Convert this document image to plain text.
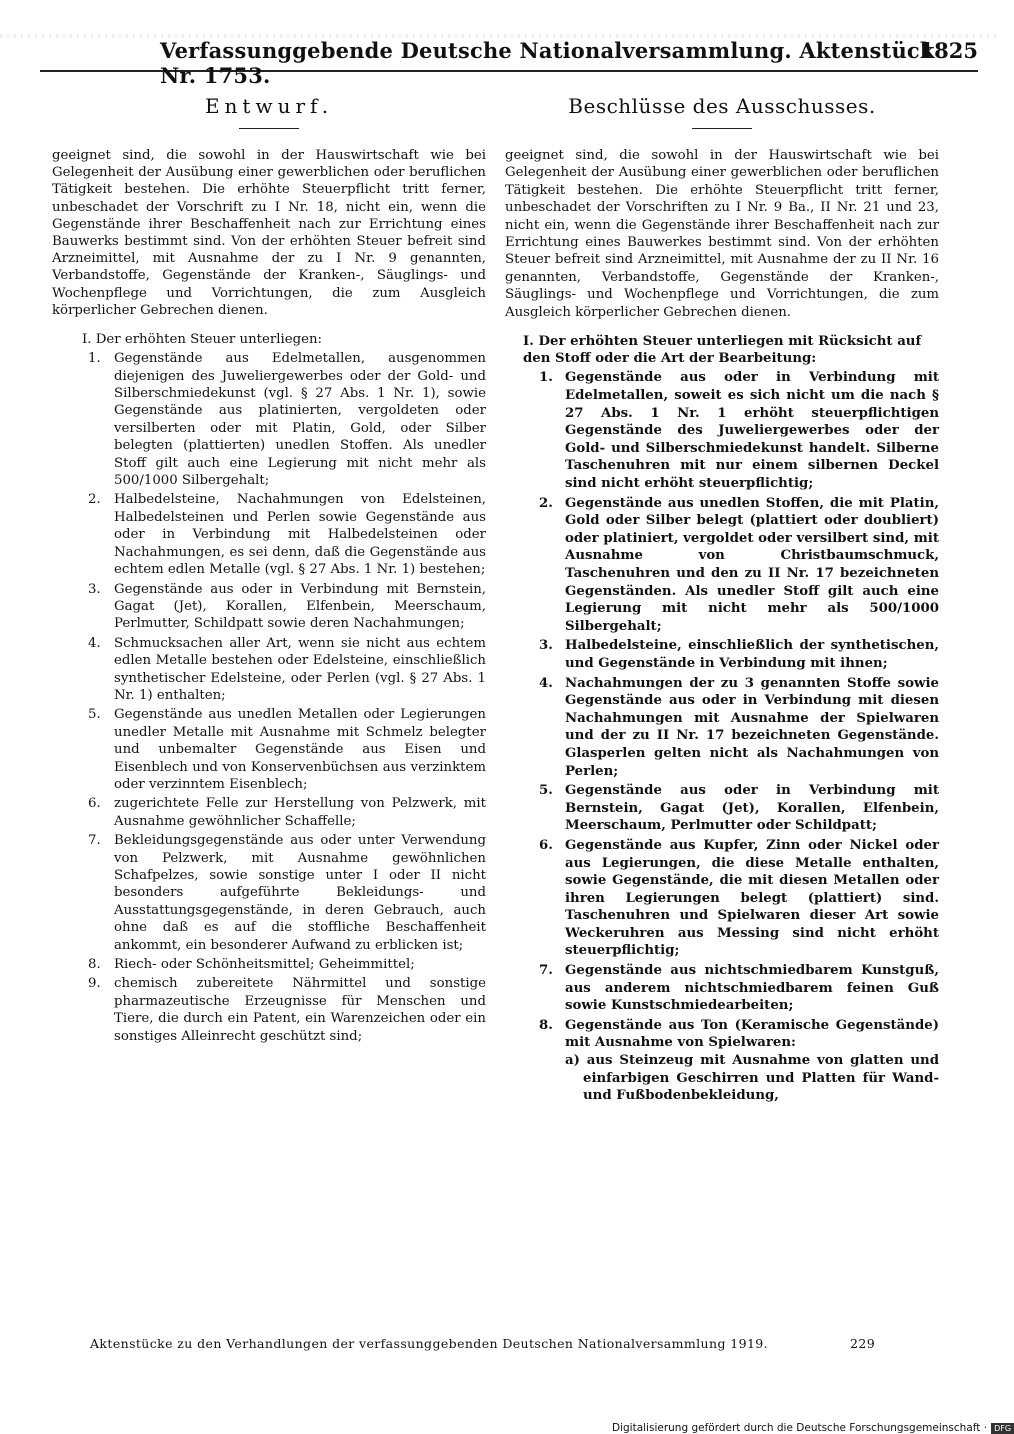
Verfassunggebende Deutsche Nationalversammlung. Aktenstück Nr. 1753.
1825
Entwurf.

geeignet sind, die sowohl in der Hauswirtschaft wie bei Gelegenheit der Ausübung einer gewerblichen oder beruflichen Tätigkeit bestehen. Die erhöhte Steuerpflicht tritt ferner, unbeschadet der Vorschrift zu I Nr. 18, nicht ein, wenn die Gegenstände ihrer Beschaffenheit nach zur Errichtung eines Bauwerks bestimmt sind. Von der erhöhten Steuer befreit sind Arzneimittel, mit Ausnahme der zu I Nr. 9 genannten, Verbandstoffe, Gegenstände der Kranken-, Säuglings- und Wochenpflege und Vorrichtungen, die zum Ausgleich körperlicher Gebrechen dienen.

I. Der erhöhten Steuer unterliegen:
1. Gegenstände aus Edelmetallen, ausgenommen diejenigen des Juweliergewerbes oder der Gold- und Silberschmiedekunst (vgl. § 27 Abs. 1 Nr. 1), sowie Gegenstände aus platinierten, vergoldeten oder versilberten oder mit Platin, Gold, oder Silber belegten (plattierten) unedlen Stoffen. Als unedler Stoff gilt auch eine Legierung mit nicht mehr als 500/1000 Silbergehalt;
2. Halbedelsteine, Nachahmungen von Edelsteinen, Halbedelsteinen und Perlen sowie Gegenstände aus oder in Verbindung mit Halbedelsteinen oder Nachahmungen, es sei denn, daß die Gegenstände aus echtem edlen Metalle (vgl. § 27 Abs. 1 Nr. 1) bestehen;
3. Gegenstände aus oder in Verbindung mit Bernstein, Gagat (Jet), Korallen, Elfenbein, Meerschaum, Perlmutter, Schildpatt sowie deren Nachahmungen;
4. Schmucksachen aller Art, wenn sie nicht aus echtem edlen Metalle bestehen oder Edelsteine, einschließlich synthetischer Edelsteine, oder Perlen (vgl. § 27 Abs. 1 Nr. 1) enthalten;
5. Gegenstände aus unedlen Metallen oder Legierungen unedler Metalle mit Ausnahme mit Schmelz belegter und unbemalter Gegenstände aus Eisen und Eisenblech und von Konservenbüchsen aus verzinktem oder verzinntem Eisenblech;
6. zugerichtete Felle zur Herstellung von Pelzwerk, mit Ausnahme gewöhnlicher Schaffelle;
7. Bekleidungsgegenstände aus oder unter Verwendung von Pelzwerk, mit Ausnahme gewöhnlichen Schafpelzes, sowie sonstige unter I oder II nicht besonders aufgeführte Bekleidungs- und Ausstattungsgegenstände, in deren Gebrauch, auch ohne daß es auf die stoffliche Beschaffenheit ankommt, ein besonderer Aufwand zu erblicken ist;
8. Riech- oder Schönheitsmittel; Geheimmittel;
9. chemisch zubereitete Nährmittel und sonstige pharmazeutische Erzeugnisse für Menschen und Tiere, die durch ein Patent, ein Warenzeichen oder ein sonstiges Alleinrecht geschützt sind;
Beschlüsse des Ausschusses.

geeignet sind, die sowohl in der Hauswirtschaft wie bei Gelegenheit der Ausübung einer gewerblichen oder beruflichen Tätigkeit bestehen. Die erhöhte Steuerpflicht tritt ferner, unbeschadet der Vorschriften zu I Nr. 9 Ba., II Nr. 21 und 23, nicht ein, wenn die Gegenstände ihrer Beschaffenheit nach zur Errichtung eines Bauwerkes bestimmt sind. Von der erhöhten Steuer befreit sind Arzneimittel, mit Ausnahme der zu II Nr. 16 genannten, Verbandstoffe, Gegenstände der Kranken-, Säuglings- und Wochenpflege und Vorrichtungen, die zum Ausgleich körperlicher Gebrechen dienen.

I. Der erhöhten Steuer unterliegen mit Rücksicht auf den Stoff oder die Art der Bearbeitung:
1. Gegenstände aus oder in Verbindung mit Edelmetallen, soweit es sich nicht um die nach § 27 Abs. 1 Nr. 1 erhöht steuerpflichtigen Gegenstände des Juweliergewerbes oder der Gold- und Silberschmiedekunst handelt. Silberne Taschenuhren mit nur einem silbernen Deckel sind nicht erhöht steuerpflichtig;
2. Gegenstände aus unedlen Stoffen, die mit Platin, Gold oder Silber belegt (plattiert oder doubliert) oder platiniert, vergoldet oder versilbert sind, mit Ausnahme von Christbaumschmuck, Taschenuhren und den zu II Nr. 17 bezeichneten Gegenständen. Als unedler Stoff gilt auch eine Legierung mit nicht mehr als 500/1000 Silbergehalt;
3. Halbedelsteine, einschließlich der synthetischen, und Gegenstände in Verbindung mit ihnen;
4. Nachahmungen der zu 3 genannten Stoffe sowie Gegenstände aus oder in Verbindung mit diesen Nachahmungen mit Ausnahme der Spielwaren und der zu II Nr. 17 bezeichneten Gegenstände. Glasperlen gelten nicht als Nachahmungen von Perlen;
5. Gegenstände aus oder in Verbindung mit Bernstein, Gagat (Jet), Korallen, Elfenbein, Meerschaum, Perlmutter oder Schildpatt;
6. Gegenstände aus Kupfer, Zinn oder Nickel oder aus Legierungen, die diese Metalle enthalten, sowie Gegenstände, die mit diesen Metallen oder ihren Legierungen belegt (plattiert) sind. Taschenuhren und Spielwaren dieser Art sowie Weckeruhren aus Messing sind nicht erhöht steuerpflichtig;
7. Gegenstände aus nichtschmiedbarem Kunstguß, aus anderem nichtschmiedbarem feinen Guß sowie Kunstschmiedearbeiten;
8. Gegenstände aus Ton (Keramische Gegenstände) mit Ausnahme von Spielwaren:
a) aus Steinzeug mit Ausnahme von glatten und einfarbigen Geschirren und Platten für Wand- und Fußbodenbekleidung,
Aktenstücke zu den Verhandlungen der verfassunggebenden Deutschen Nationalversammlung 1919.	229
Digitalisierung gefördert durch die Deutsche Forschungsgemeinschaft · DFG
